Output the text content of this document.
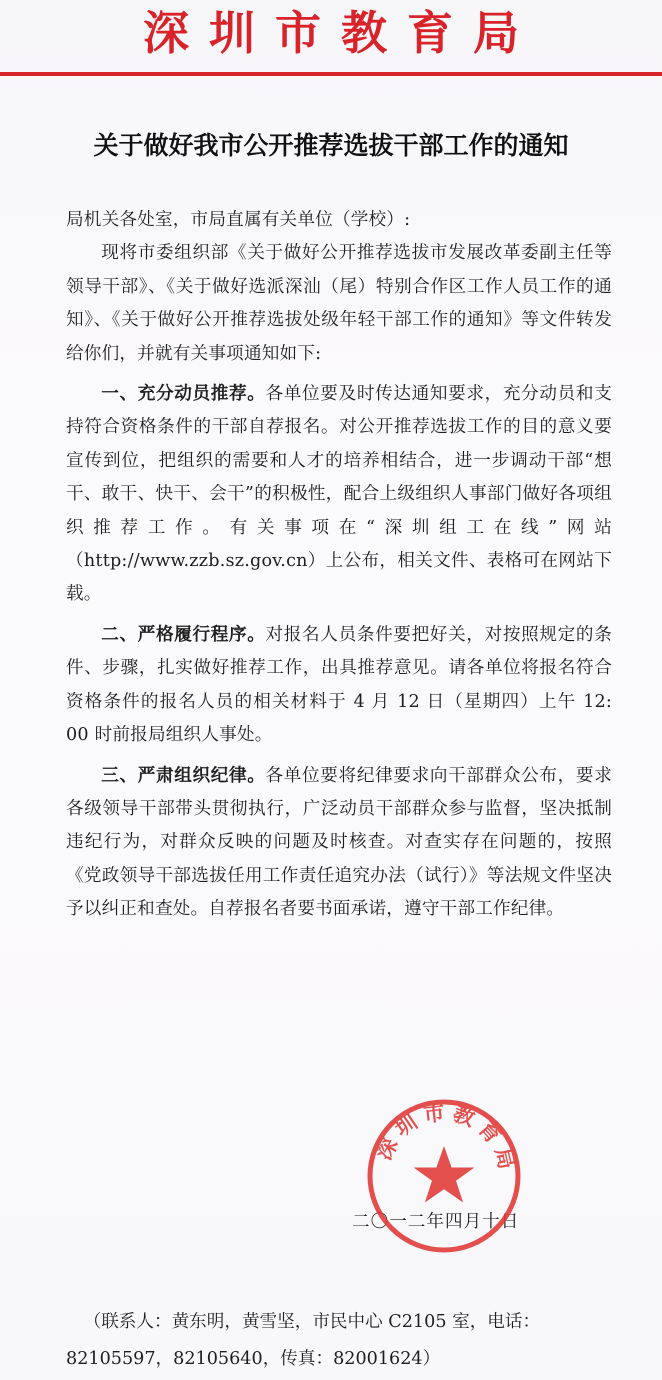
深圳市教育局
关于做好我市公开推荐选拔干部工作的通知

局机关各处室，市局直属有关单位（学校）:

现将市委组织部《关于做好公开推荐选拔市发展改革委副主任等领导干部》、《关于做好选派深汕（尾）特别合作区工作人员工作的通知》、《关于做好公开推荐选拔处级年轻干部工作的通知》等文件转发给你们，并就有关事项通知如下:

一、充分动员推荐。各单位要及时传达通知要求，充分动员和支持符合资格条件的干部自荐报名。对公开推荐选拔工作的目的意义要宣传到位，把组织的需要和人才的培养相结合，进一步调动干部“想干、敢干、快干、会干”的积极性，配合上级组织人事部门做好各项组织推荐工作。有关事项在“深圳组工在线”网站（http://www.zzb.sz.gov.cn）上公布，相关文件、表格可在网站下载。

二、严格履行程序。对报名人员条件要把好关，对按照规定的条件、步骤，扎实做好推荐工作，出具推荐意见。请各单位将报名符合资格条件的报名人员的相关材料于 4 月 12 日（星期四）上午 12: 00 时前报局组织人事处。

三、严肃组织纪律。各单位要将纪律要求向干部群众公布，要求各级领导干部带头贯彻执行，广泛动员干部群众参与监督，坚决抵制违纪行为，对群众反映的问题及时核查。对查实存在问题的，按照《党政领导干部选拔任用工作责任追究办法（试行）》等法规文件坚决予以纠正和查处。自荐报名者要书面承诺，遵守干部工作纪律。

二〇一二年四月十日
深圳市教育局

（联系人：黄东明，黄雪坚，市民中心 C2105 室，电话：

82105597，82105640，传真：82001624）
